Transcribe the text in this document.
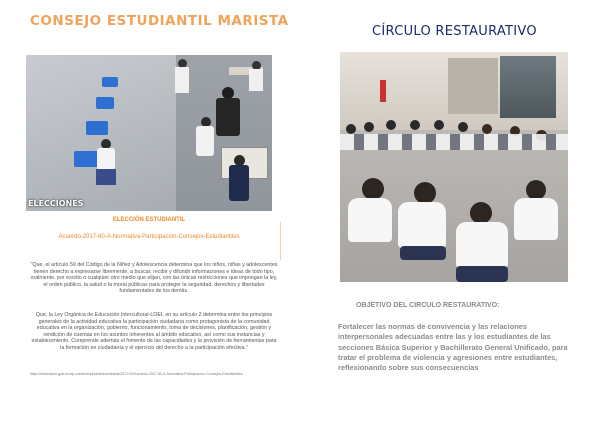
CONSEJO ESTUDIANTIL MARISTA
ELECCIONES
ELECCIÓN ESTUDIANTIL
Acuerdo-2017-60-A-Normativa-Participacion-Consejos-Estudiantiles
"Que, el artículo 59 del Código de la Niñez y Adolescencia determina que los niños, niñas y adolescentes tienen derecho a expresarse libremente, a buscar, recibir y difundir informaciones e ideas de todo tipo, oralmente, por escrito o cualquier otro medio que elijan, con las únicas restricciones que impongan la ley, el orden público, la salud o la moral públicas para proteger la seguridad, derechos y libertades fundamentales de los demás.
Que, la Ley Orgánica de Educación Intercultural-LOEI, en su artículo 2 determina entre los principios generales de la actividad educativa la participación ciudadana como protagonista de la comunidad educativa en la organización, gobierno, funcionamiento, toma de decisiones, planificación, gestión y rendición de cuentas en los asuntos inherentes al ámbito educativo, así como sus instancias y establecimiento. Comprende además el fomento de las capacidades y la provisión de herramientas para la formación en ciudadanía y el ejercicio del derecho a la participación efectiva."
https://educacion.gob.ec/wp-content/uploads/downloads/2017/10/Acuerdo-2017-60-A-Normativa-Participacion-Consejos-Estudiantiles
CÍRCULO RESTAURATIVO
OBJETIVO DEL CIRCULO RESTAURATIVO:
Fortalecer las normas de convivencia y las relaciones interpersonales adecuadas entre las y los estudiantes de las secciones Básica Superior y Bachillerato General Unificado, para tratar el problema de violencia y agresiones entre estudiantes, reflexionando sobre sus consecuencias
